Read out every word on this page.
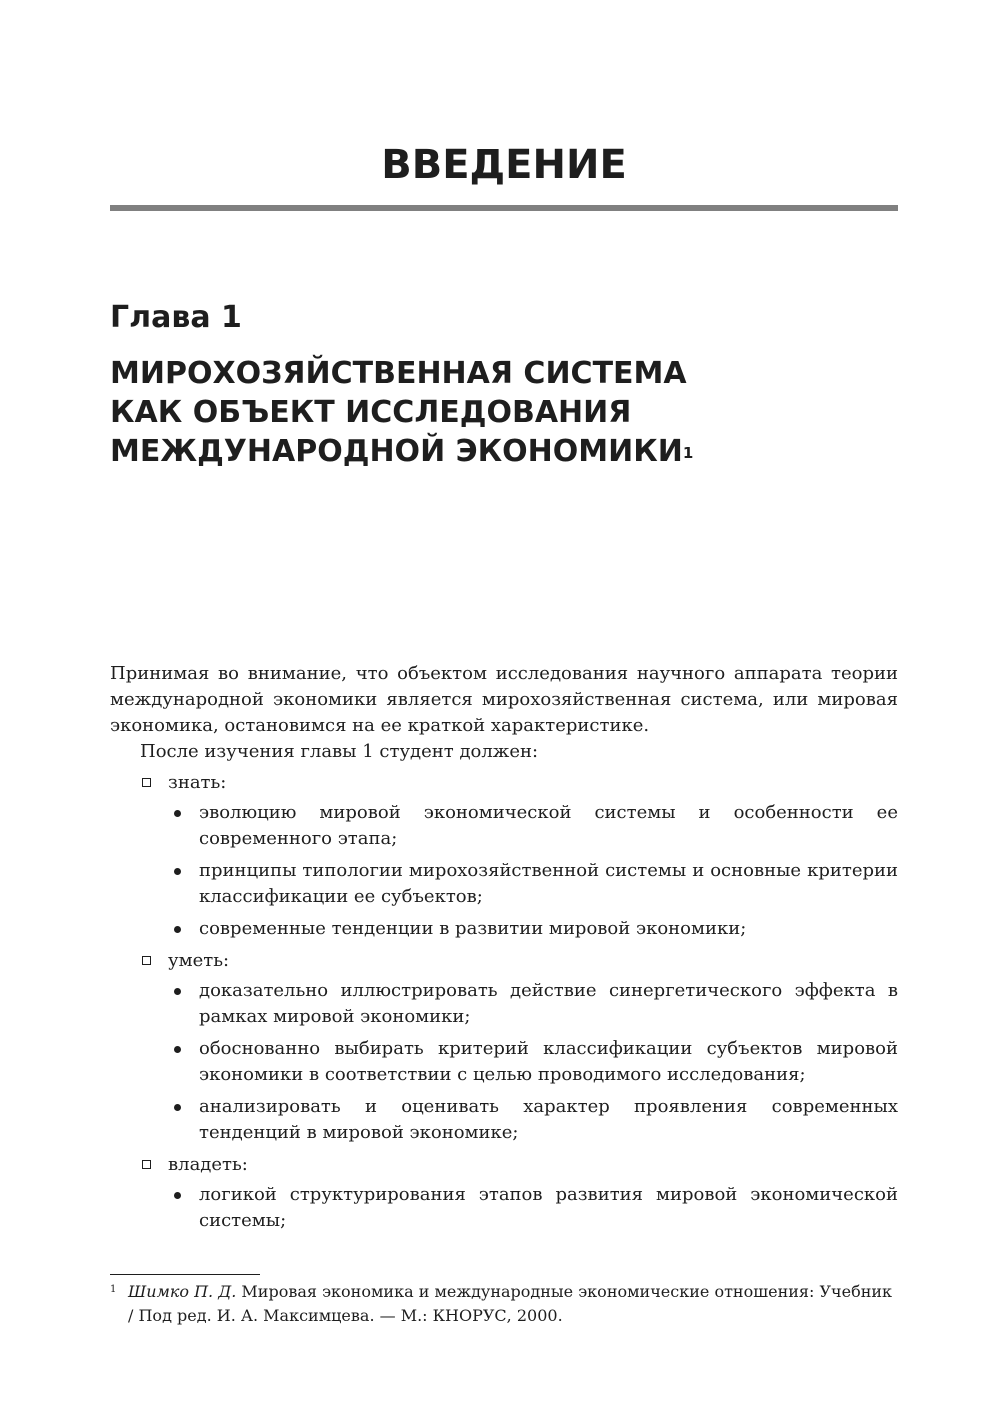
ВВЕДЕНИЕ
Глава 1
МИРОХОЗЯЙСТВЕННАЯ СИСТЕМА
КАК ОБЪЕКТ ИССЛЕДОВАНИЯ
МЕЖДУНАРОДНОЙ ЭКОНОМИКИ$^1$

Принимая во внимание, что объектом исследования научного аппарата теории международной экономики является мирохозяйственная система, или мировая экономика, остановимся на ее краткой характеристике.

После изучения главы 1 студент должен:

знать:
эволюцию мировой экономической системы и особенности ее современного этапа;
принципы типологии мирохозяйственной системы и основные критерии классификации ее субъектов;
современные тенденции в развитии мировой экономики;
уметь:
доказательно иллюстрировать действие синергетического эффекта в рамках мировой экономики;
обоснованно выбирать критерий классификации субъектов мировой экономики в соответствии с целью проводимого исследования;
анализировать и оценивать характер проявления современных тенденций в мировой экономике;
владеть:
логикой структурирования этапов развития мировой экономической системы;
1 Шимко П. Д. Мировая экономика и международные экономические отношения: Учебник / Под ред. И. А. Максимцева. — М.: КНОРУС, 2000.
